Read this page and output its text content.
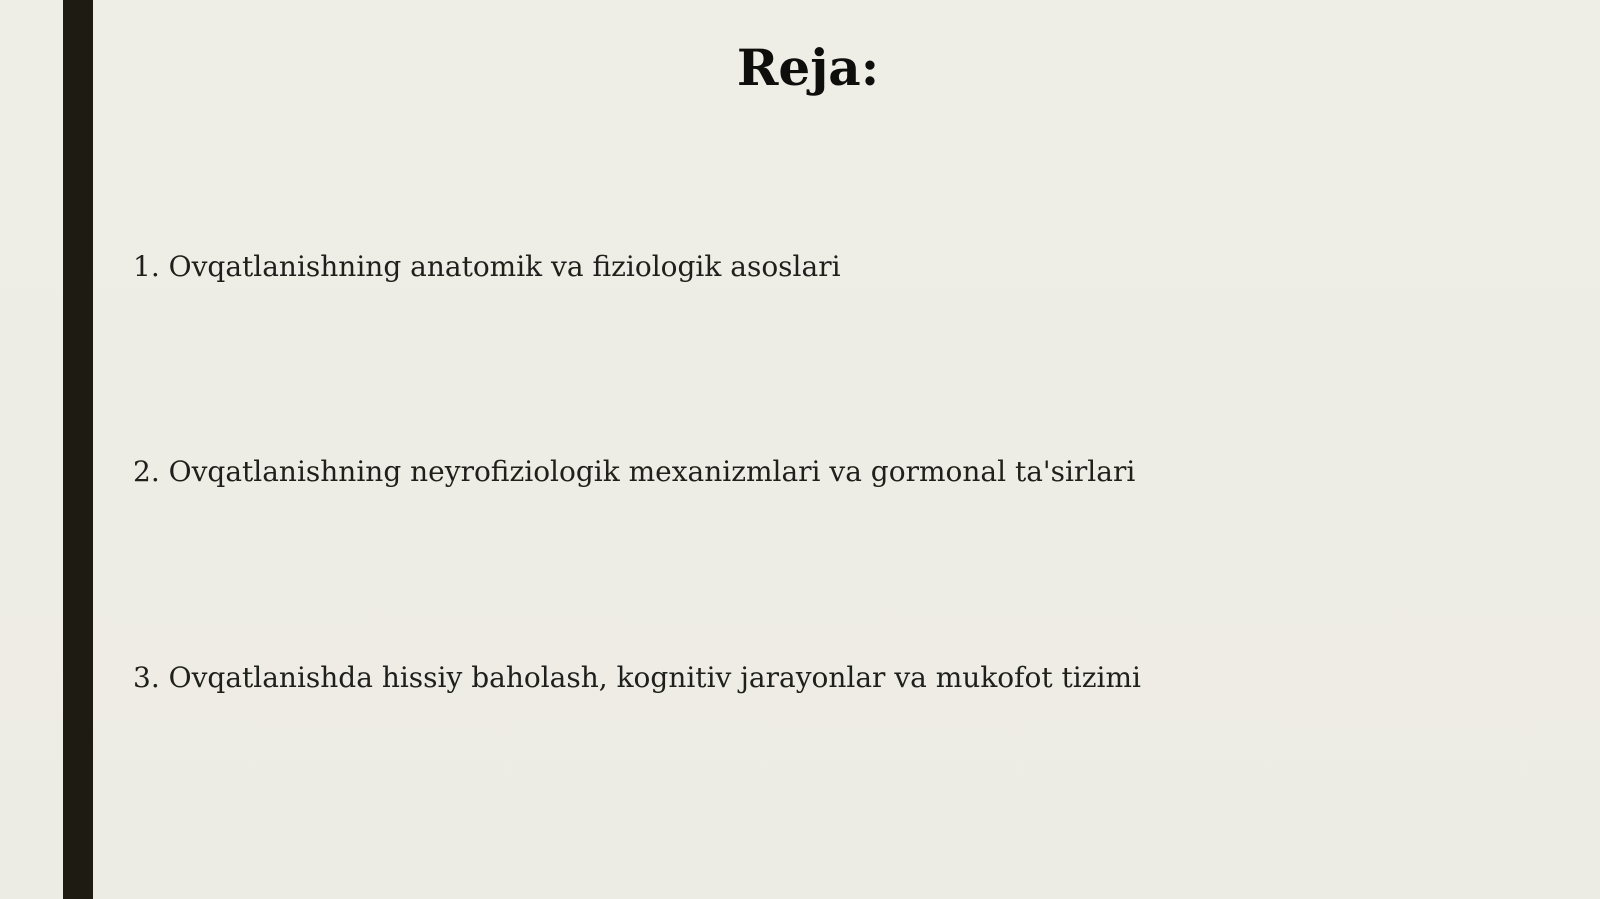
Reja:

1. Ovqatlanishning anatomik va fiziologik asoslari

2. Ovqatlanishning neyrofiziologik mexanizmlari va gormonal ta'sirlari

3. Ovqatlanishda hissiy baholash, kognitiv jarayonlar va mukofot tizimi
